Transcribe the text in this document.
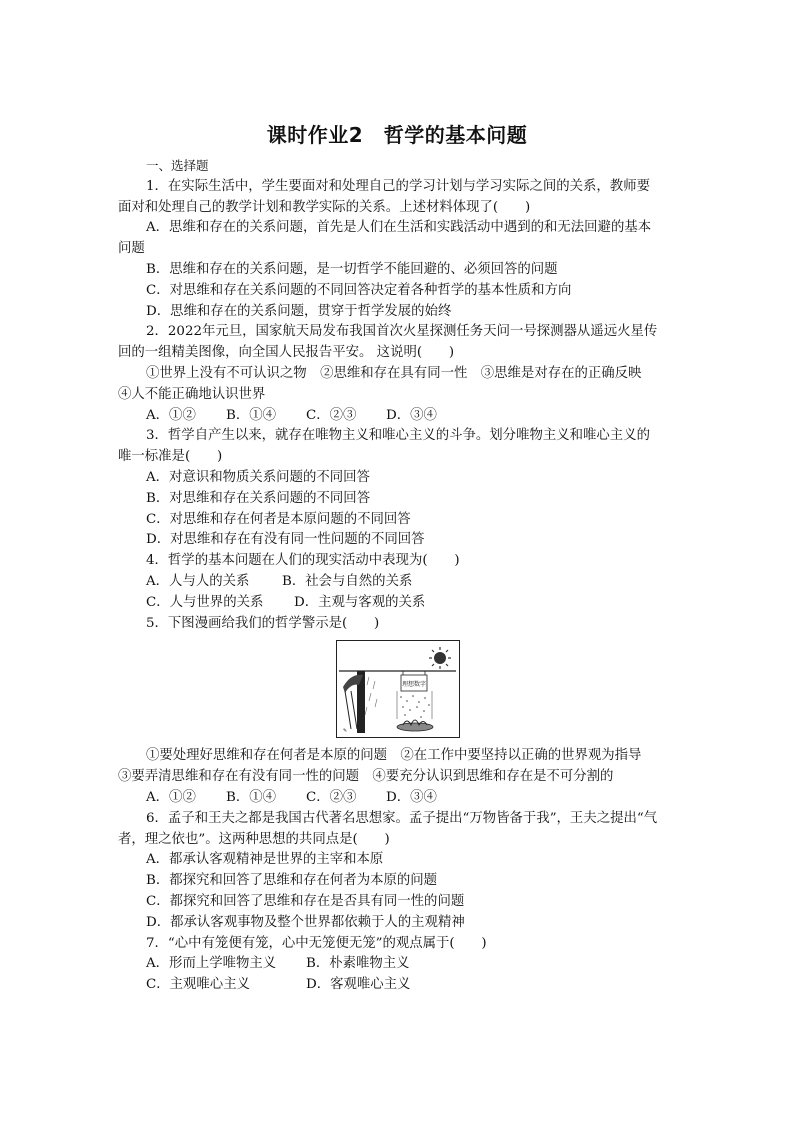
课时作业2　哲学的基本问题
一、选择题
1．在实际生活中，学生要面对和处理自己的学习计划与学习实际之间的关系，教师要
面对和处理自己的教学计划和教学实际的关系。上述材料体现了(　　)
A．思维和存在的关系问题，首先是人们在生活和实践活动中遇到的和无法回避的基本
问题
B．思维和存在的关系问题，是一切哲学不能回避的、必须回答的问题
C．对思维和存在关系问题的不同回答决定着各种哲学的基本性质和方向
D．思维和存在的关系问题，贯穿于哲学发展的始终
2．2022年元旦，国家航天局发布我国首次火星探测任务天问一号探测器从遥远火星传
回的一组精美图像，向全国人民报告平安。 这说明(　　)
①世界上没有不可认识之物　②思维和存在具有同一性　③思维是对存在的正确反映
④人不能正确地认识世界
A．①②	B．①④	C．②③	D．③④
3．哲学自产生以来，就存在唯物主义和唯心主义的斗争。划分唯物主义和唯心主义的
唯一标准是(　　)
A．对意识和物质关系问题的不同回答
B．对思维和存在关系问题的不同回答
C．对思维和存在何者是本原问题的不同回答
D．对思维和存在有没有同一性问题的不同回答
4．哲学的基本问题在人们的现实活动中表现为(　　)
A．人与人的关系	B．社会与自然的关系
C．人与世界的关系	D．主观与客观的关系
5．下图漫画给我们的哲学警示是(　　)
理想数字
✎
①要处理好思维和存在何者是本原的问题　②在工作中要坚持以正确的世界观为指导
③要弄清思维和存在有没有同一性的问题　④要充分认识到思维和存在是不可分割的
A．①②	B．①④	C．②③	D．③④
6．孟子和王夫之都是我国古代著名思想家。孟子提出“万物皆备于我”，王夫之提出“气
者，理之依也”。这两种思想的共同点是(　　)
A．都承认客观精神是世界的主宰和本原
B．都探究和回答了思维和存在何者为本原的问题
C．都探究和回答了思维和存在是否具有同一性的问题
D．都承认客观事物及整个世界都依赖于人的主观精神
7．“心中有笼便有笼，心中无笼便无笼”的观点属于(　　)
A．形而上学唯物主义	B．朴素唯物主义
C．主观唯心主义	D．客观唯心主义
